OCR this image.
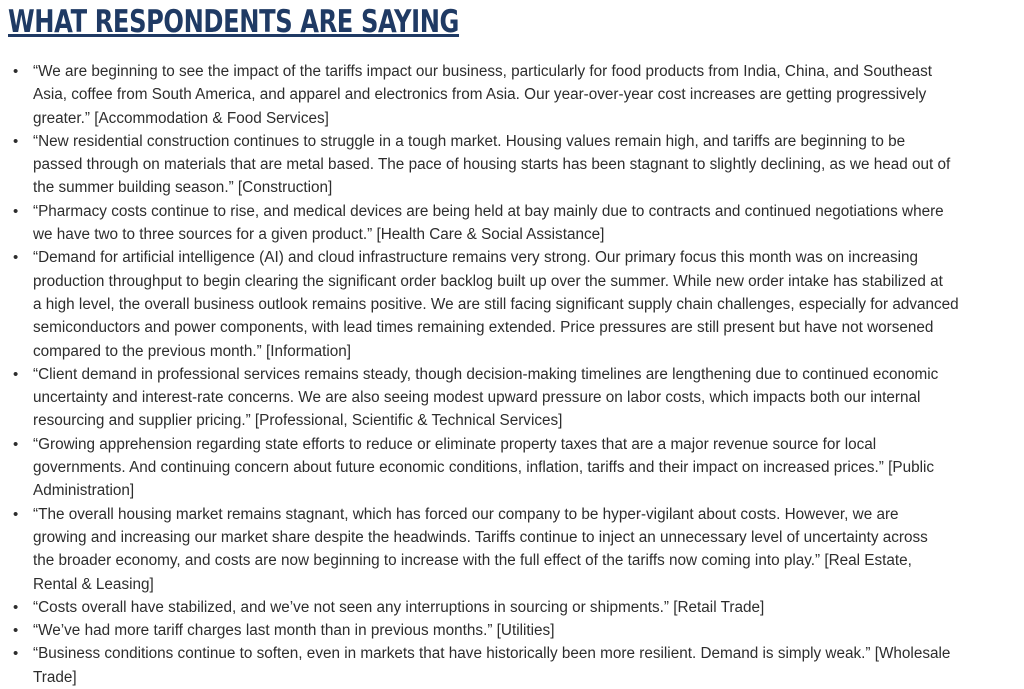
WHAT RESPONDENTS ARE SAYING
• “We are beginning to see the impact of the tariffs impact our business, particularly for food products from India, China, and Southeast
Asia, coffee from South America, and apparel and electronics from Asia. Our year-over-year cost increases are getting progressively
greater.” [Accommodation & Food Services]
• “New residential construction continues to struggle in a tough market. Housing values remain high, and tariffs are beginning to be
passed through on materials that are metal based. The pace of housing starts has been stagnant to slightly declining, as we head out of
the summer building season.” [Construction]
• “Pharmacy costs continue to rise, and medical devices are being held at bay mainly due to contracts and continued negotiations where
we have two to three sources for a given product.” [Health Care & Social Assistance]
• “Demand for artificial intelligence (AI) and cloud infrastructure remains very strong. Our primary focus this month was on increasing
production throughput to begin clearing the significant order backlog built up over the summer. While new order intake has stabilized at
a high level, the overall business outlook remains positive. We are still facing significant supply chain challenges, especially for advanced
semiconductors and power components, with lead times remaining extended. Price pressures are still present but have not worsened
compared to the previous month.” [Information]
• “Client demand in professional services remains steady, though decision-making timelines are lengthening due to continued economic
uncertainty and interest-rate concerns. We are also seeing modest upward pressure on labor costs, which impacts both our internal
resourcing and supplier pricing.” [Professional, Scientific & Technical Services]
• “Growing apprehension regarding state efforts to reduce or eliminate property taxes that are a major revenue source for local
governments. And continuing concern about future economic conditions, inflation, tariffs and their impact on increased prices.” [Public
Administration]
• “The overall housing market remains stagnant, which has forced our company to be hyper-vigilant about costs. However, we are
growing and increasing our market share despite the headwinds. Tariffs continue to inject an unnecessary level of uncertainty across
the broader economy, and costs are now beginning to increase with the full effect of the tariffs now coming into play.” [Real Estate,
Rental & Leasing]
• “Costs overall have stabilized, and we’ve not seen any interruptions in sourcing or shipments.” [Retail Trade]
• “We’ve had more tariff charges last month than in previous months.” [Utilities]
• “Business conditions continue to soften, even in markets that have historically been more resilient. Demand is simply weak.” [Wholesale
Trade]
